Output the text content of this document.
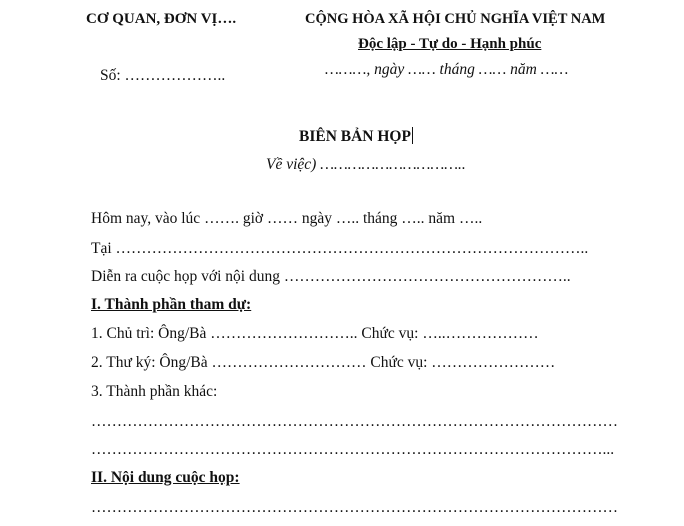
CƠ QUAN, ĐƠN VỊ….
Số: ………………..
CỘNG HÒA XÃ HỘI CHỦ NGHĨA VIỆT NAM
Độc lập - Tự do - Hạnh phúc
………, ngày …… tháng …… năm ……
BIÊN BẢN HỌP
Về việc) …………………………..
Hôm nay, vào lúc ……. giờ …… ngày ….. tháng ….. năm …..
Tại ………………………………………………………………………………..
Diễn ra cuộc họp với nội dung ………………………………………………..
I. Thành phần tham dự:
1. Chủ trì: Ông/Bà ……………………….. Chức vụ: …..………………
2. Thư ký: Ông/Bà ………………………… Chức vụ: ……………………
3. Thành phần khác:
…………………………………………………………………………………………
………………………………………………………………………………………...
II. Nội dung cuộc họp:
…………………………………………………………………………………………
